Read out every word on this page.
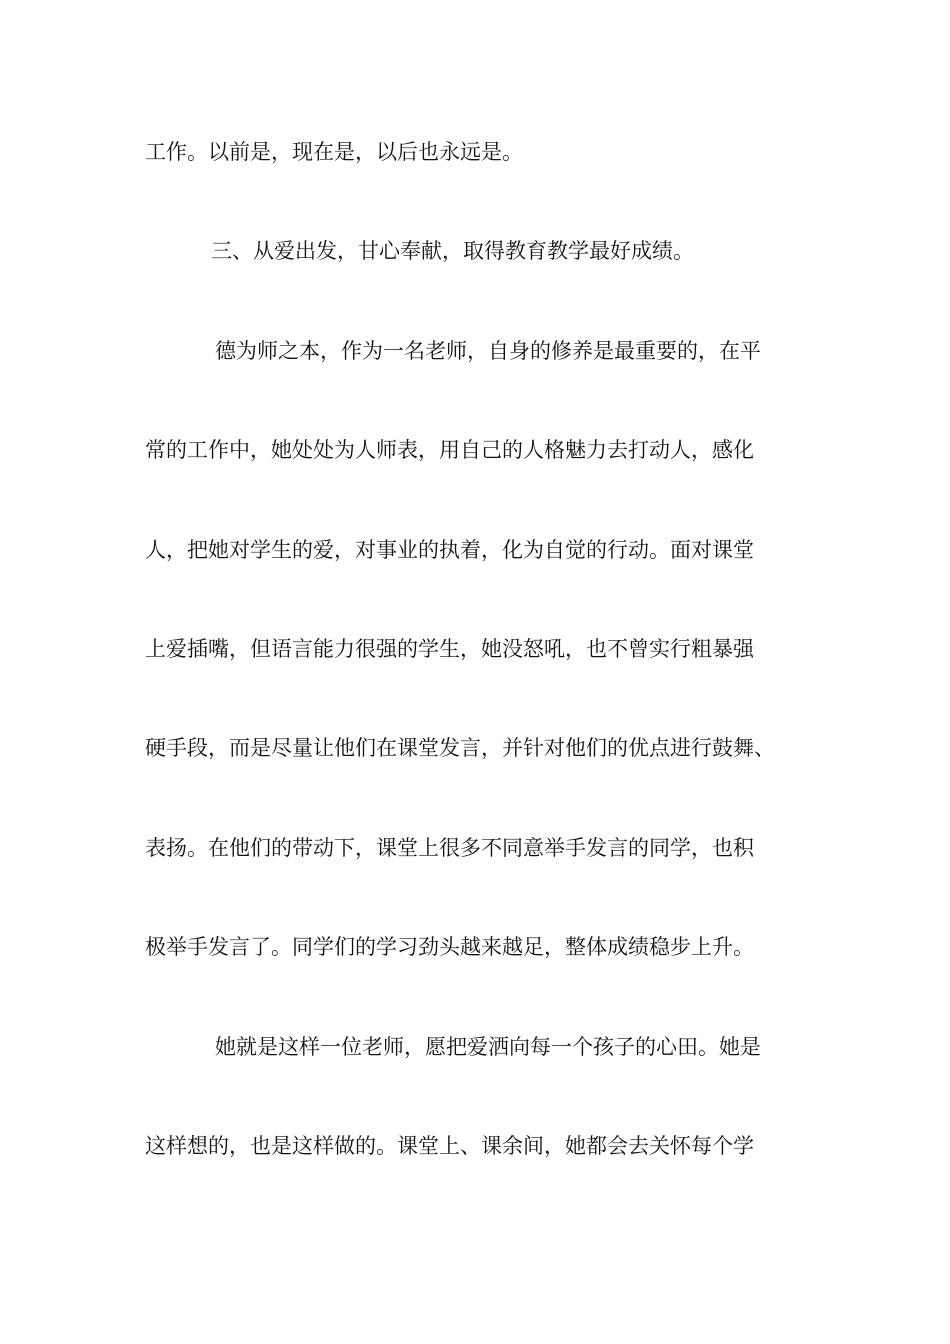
工作。以前是，现在是，以后也永远是。
三、从爱出发，甘心奉献，取得教育教学最好成绩。
德为师之本，作为一名老师，自身的修养是最重要的，在平
常的工作中，她处处为人师表，用自己的人格魅力去打动人，感化
人，把她对学生的爱，对事业的执着，化为自觉的行动。面对课堂
上爱插嘴，但语言能力很强的学生，她没怒吼，也不曾实行粗暴强
硬手段，而是尽量让他们在课堂发言，并针对他们的优点进行鼓舞、
表扬。在他们的带动下，课堂上很多不同意举手发言的同学，也积
极举手发言了。同学们的学习劲头越来越足，整体成绩稳步上升。
她就是这样一位老师，愿把爱洒向每一个孩子的心田。她是
这样想的，也是这样做的。课堂上、课余间，她都会去关怀每个学
